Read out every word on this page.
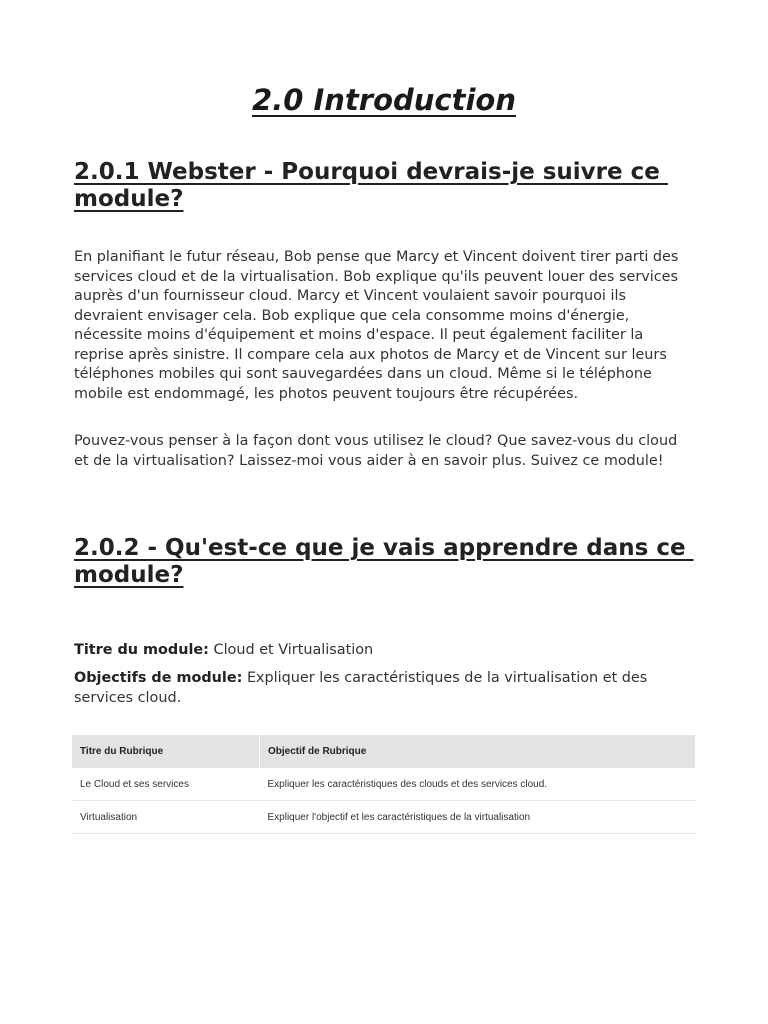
2.0 Introduction
2.0.1 Webster - Pourquoi devrais-je suivre ce module?

En planifiant le futur réseau, Bob pense que Marcy et Vincent doivent tirer parti des services cloud et de la virtualisation. Bob explique qu'ils peuvent louer des services auprès d'un fournisseur cloud. Marcy et Vincent voulaient savoir pourquoi ils devraient envisager cela. Bob explique que cela consomme moins d'énergie, nécessite moins d'équipement et moins d'espace. Il peut également faciliter la reprise après sinistre. Il compare cela aux photos de Marcy et de Vincent sur leurs téléphones mobiles qui sont sauvegardées dans un cloud. Même si le téléphone mobile est endommagé, les photos peuvent toujours être récupérées.

Pouvez-vous penser à la façon dont vous utilisez le cloud? Que savez-vous du cloud et de la virtualisation? Laissez-moi vous aider à en savoir plus. Suivez ce module!

2.0.2 - Qu'est-ce que je vais apprendre dans ce module?

Titre du module: Cloud et Virtualisation

Objectifs de module: Expliquer les caractéristiques de la virtualisation et des services cloud.

Titre du Rubrique	Objectif de Rubrique
Le Cloud et ses services	Expliquer les caractéristiques des clouds et des services cloud.
Virtualisation	Expliquer l'objectif et les caractéristiques de la virtualisation
